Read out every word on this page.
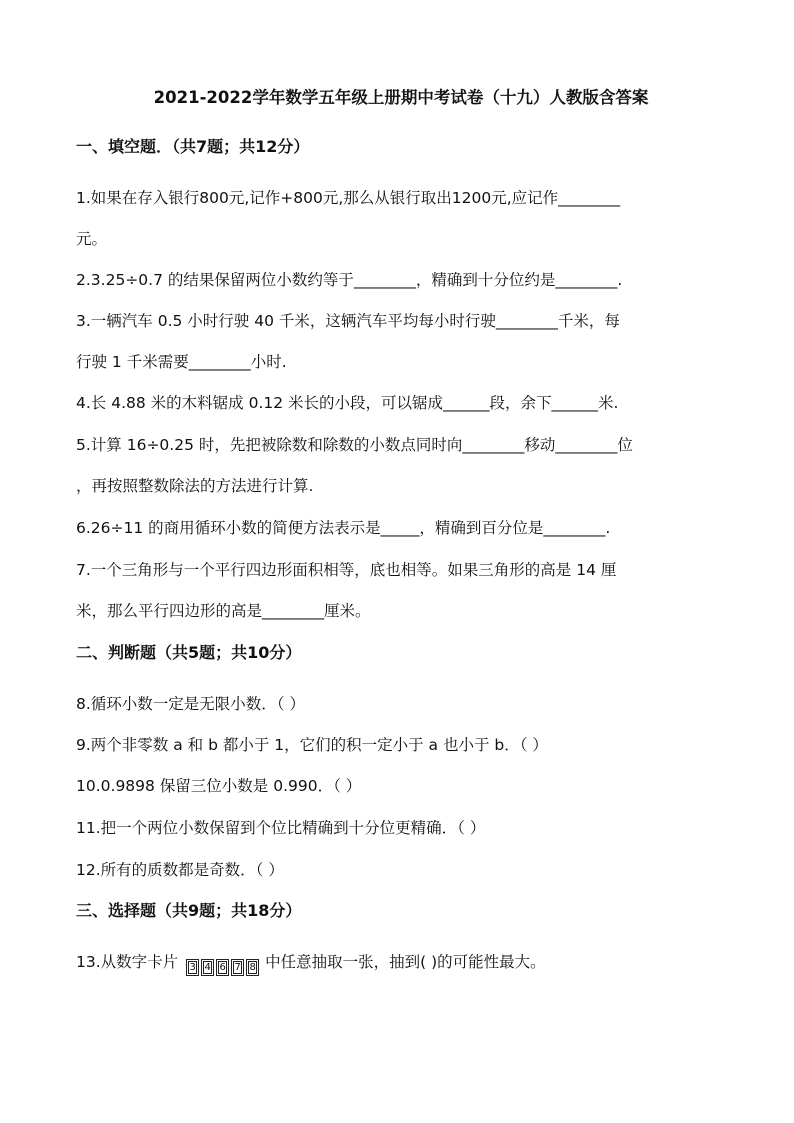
2021-2022学年数学五年级上册期中考试卷（十九）人教版含答案
一、填空题．（共7题；共12分）
1.如果在存入银行800元,记作+800元,那么从银行取出1200元,应记作________
元。
2.3.25÷0.7 的结果保留两位小数约等于________，精确到十分位约是________.
3.一辆汽车 0.5 小时行驶 40 千米，这辆汽车平均每小时行驶________千米，每
行驶 1 千米需要________小时.
4.长 4.88 米的木料锯成 0.12 米长的小段，可以锯成______段，余下______米.
5.计算 16÷0.25 时，先把被除数和除数的小数点同时向________移动________位
，再按照整数除法的方法进行计算.
6.26÷11 的商用循环小数的简便方法表示是_____，精确到百分位是________.
7.一个三角形与一个平行四边形面积相等，底也相等。如果三角形的高是 14 厘
米，那么平行四边形的高是________厘米。
二、判断题（共5题；共10分）
8.循环小数一定是无限小数．（ ）
9.两个非零数 a 和 b 都小于 1，它们的积一定小于 a 也小于 b．（ ）
10.0.9898 保留三位小数是 0.990．（ ）
11.把一个两位小数保留到个位比精确到十分位更精确．（ ）
12.所有的质数都是奇数．（ ）
三、选择题（共9题；共18分）
13.从数字卡片 3 4 6 7 8 中任意抽取一张，抽到( )的可能性最大。
